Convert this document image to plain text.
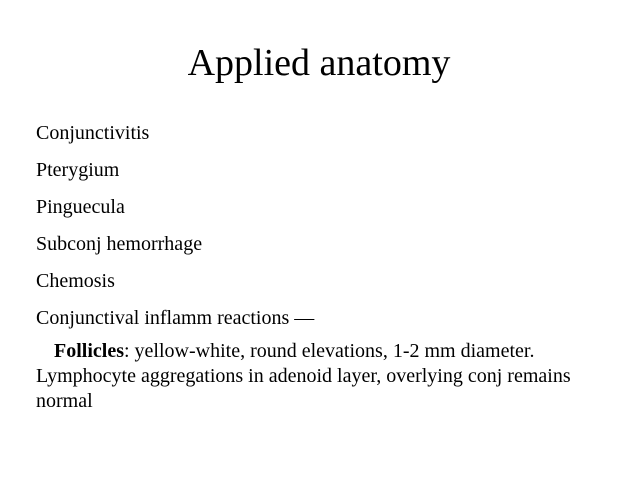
Applied anatomy
Conjunctivitis
Pterygium
Pinguecula
Subconj hemorrhage
Chemosis
Conjunctival inflamm reactions —

Follicles: yellow-white, round elevations, 1-2 mm diameter. Lymphocyte aggregations in adenoid layer, overlying conj remains normal
